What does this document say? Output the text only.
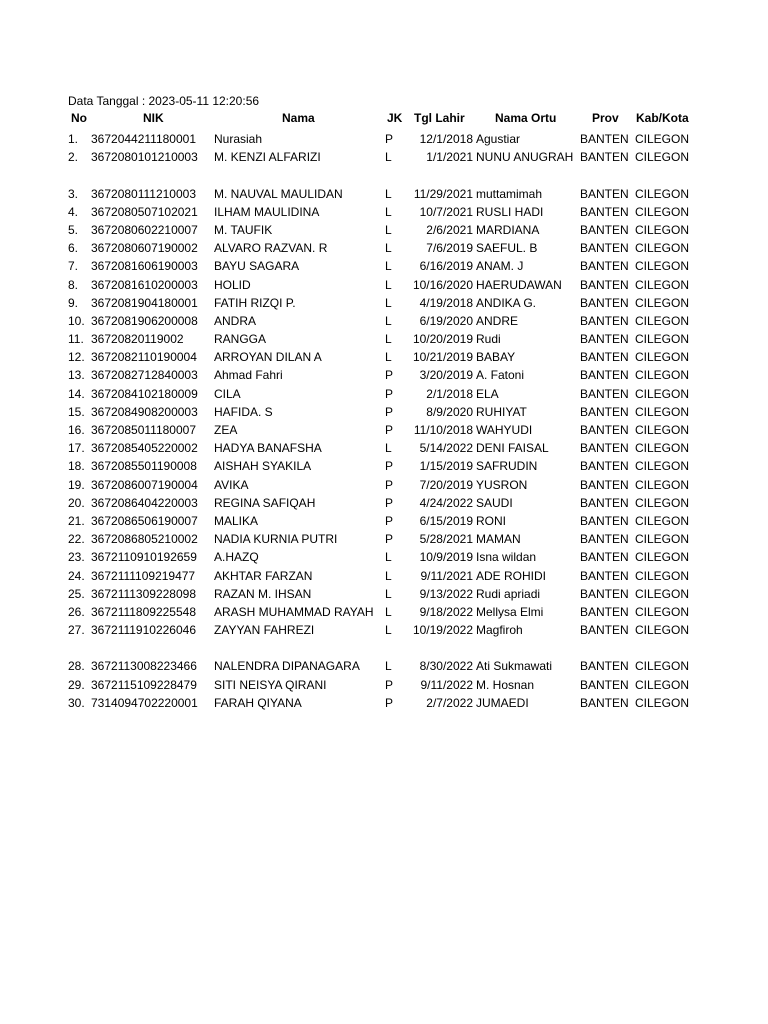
Data Tanggal : 2023-05-11 12:20:56
No	NIK	Nama	JK Tgl Lahir	Nama Ortu	Prov Kab/Kota
1. 3672044211180001 Nurasiah	P	12/1/2018 Agustiar	BANTEN CILEGON
2. 3672080101210003 M. KENZI ALFARIZI	L	1/1/2021 NUNU ANUGRAH BANTEN CILEGON
3. 3672080111210003 M. NAUVAL MAULIDAN	L	11/29/2021 muttamimah	BANTEN CILEGON
4. 3672080507102021 ILHAM MAULIDINA	L	10/7/2021 RUSLI HADI	BANTEN CILEGON
5. 3672080602210007 M. TAUFIK	L	2/6/2021 MARDIANA	BANTEN CILEGON
6. 3672080607190002 ALVARO RAZVAN. R	L	7/6/2019 SAEFUL. B	BANTEN CILEGON
7. 3672081606190003 BAYU SAGARA	L	6/16/2019 ANAM. J	BANTEN CILEGON
8. 3672081610200003 HOLID	L	10/16/2020 HAERUDAWAN BANTEN CILEGON
9. 3672081904180001 FATIH RIZQI P.	L	4/19/2018 ANDIKA G.	BANTEN CILEGON
10. 3672081906200008 ANDRA	L	6/19/2020 ANDRE	BANTEN CILEGON
11. 36720820119002	RANGGA	L	10/20/2019 Rudi	BANTEN CILEGON
12. 3672082110190004 ARROYAN DILAN A	L	10/21/2019 BABAY	BANTEN CILEGON
13. 3672082712840003 Ahmad Fahri	P	3/20/2019 A. Fatoni	BANTEN CILEGON
14. 3672084102180009 CILA	P	2/1/2018 ELA	BANTEN CILEGON
15. 3672084908200003 HAFIDA. S	P	8/9/2020 RUHIYAT	BANTEN CILEGON
16. 3672085011180007 ZEA	P	11/10/2018 WAHYUDI	BANTEN CILEGON
17. 3672085405220002 HADYA BANAFSHA	L	5/14/2022 DENI FAISAL	BANTEN CILEGON
18. 3672085501190008 AISHAH SYAKILA	P	1/15/2019 SAFRUDIN	BANTEN CILEGON
19. 3672086007190004 AVIKA	P	7/20/2019 YUSRON	BANTEN CILEGON
20. 3672086404220003 REGINA SAFIQAH	P	4/24/2022 SAUDI	BANTEN CILEGON
21. 3672086506190007 MALIKA	P	6/15/2019 RONI	BANTEN CILEGON
22. 3672086805210002 NADIA KURNIA PUTRI	P	5/28/2021 MAMAN	BANTEN CILEGON
23. 3672110910192659 A.HAZQ	L	10/9/2019 Isna wildan	BANTEN CILEGON
24. 3672111109219477 AKHTAR FARZAN	L	9/11/2021 ADE ROHIDI	BANTEN CILEGON
25. 3672111309228098 RAZAN M. IHSAN	L	9/13/2022 Rudi apriadi	BANTEN CILEGON
26. 3672111809225548 ARASH MUHAMMAD RAYAH L	9/18/2022 Mellysa Elmi	BANTEN CILEGON
27. 3672111910226046 ZAYYAN FAHREZI	L	10/19/2022 Magfiroh	BANTEN CILEGON
28. 3672113008223466 NALENDRA DIPANAGARA L	8/30/2022 Ati Sukmawati BANTEN CILEGON
29. 3672115109228479 SITI NEISYA QIRANI	P	9/11/2022 M. Hosnan	BANTEN CILEGON
30. 7314094702220001 FARAH QIYANA	P	2/7/2022 JUMAEDI	BANTEN CILEGON
